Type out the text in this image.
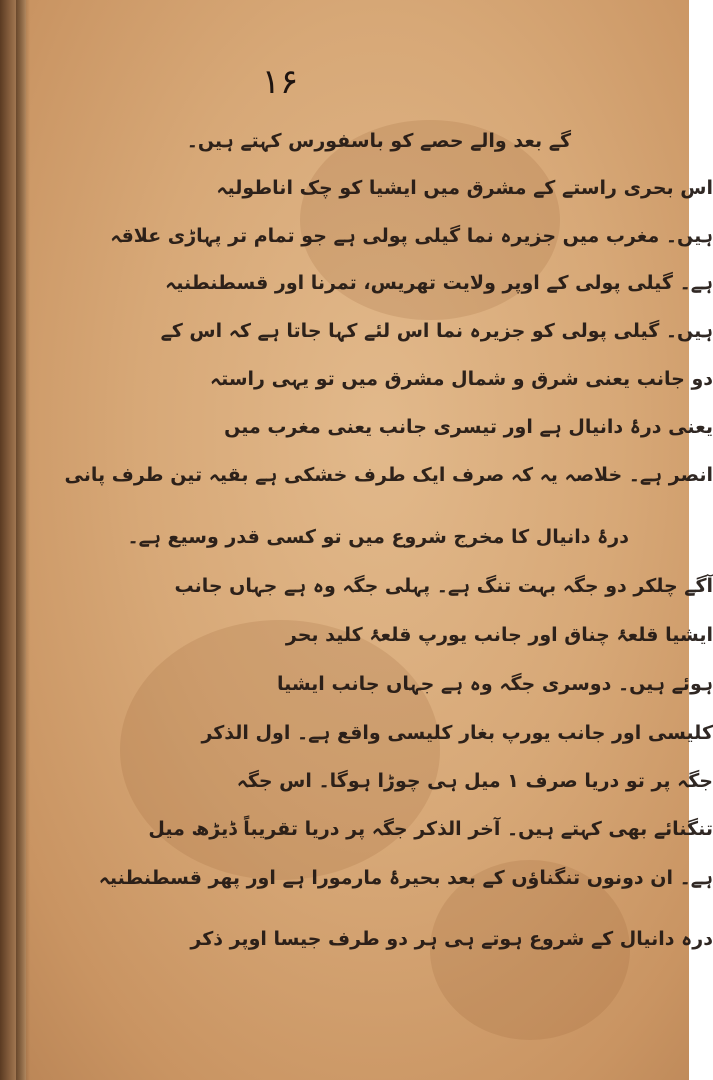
۱۶
گے بعد والے حصے کو باسفورس کہتے ہیں۔
اس بحری راستے کے مشرق میں ایشیا کو چک اناطولیہ
ہیں۔ مغرب میں جزیرہ نما گیلی پولی ہے جو تمام تر پہاڑی علاقہ
ہے۔ گیلی پولی کے اوپر ولایت تھریس، تمرنا اور قسطنطنیہ
ہیں۔ گیلی پولی کو جزیرہ نما اس لئے کہا جاتا ہے کہ اس کے
دو جانب یعنی شرق و شمال مشرق میں تو یہی راستہ
یعنی درۂ دانیال ہے اور تیسری جانب یعنی مغرب میں
انصر ہے۔ خلاصہ یہ کہ صرف ایک طرف خشکی ہے بقیہ تین طرف پانی
درۂ دانیال کا مخرج شروع میں تو کسی قدر وسیع ہے۔
آگے چلکر دو جگہ بہت تنگ ہے۔ پہلی جگہ وہ ہے جہاں جانب
ایشیا قلعۂ چناق اور جانب یورپ قلعۂ کلید بحر
ہوئے ہیں۔ دوسری جگہ وہ ہے جہاں جانب ایشیا
کلیسی اور جانب یورپ بغار کلیسی واقع ہے۔ اول الذکر
جگہ پر تو دریا صرف ۱ میل ہی چوڑا ہوگا۔ اس جگہ
تنگنائے بھی کہتے ہیں۔ آخر الذکر جگہ پر دریا تقریباً ڈیڑھ میل
ہے۔ ان دونوں تنگناؤں کے بعد بحیرۂ مارمورا ہے اور پھر قسطنطنیہ
درہ دانیال کے شروع ہوتے ہی ہر دو طرف جیسا اوپر ذکر
